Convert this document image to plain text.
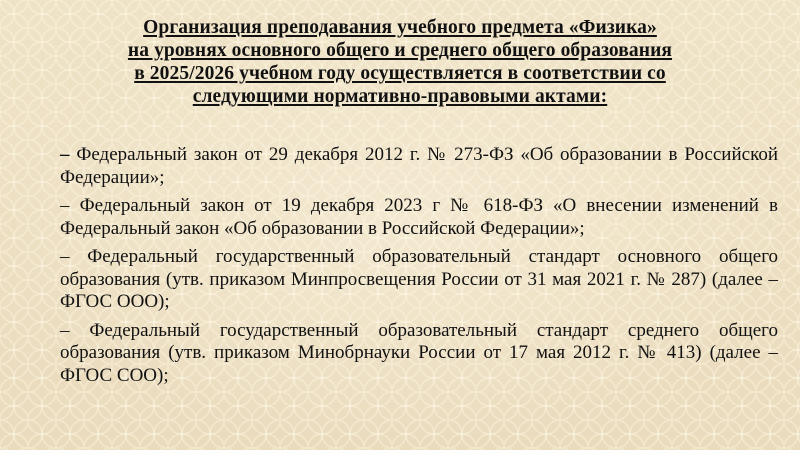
Организация преподавания учебного предмета «Физика»
на уровнях основного общего и среднего общего образования
в 2025/2026 учебном году осуществляется в соответствии со
следующими нормативно-правовыми актами:
– Федеральный закон от 29 декабря 2012 г. № 273-ФЗ «Об образовании в Российской Федерации»;
– Федеральный закон от 19 декабря 2023 г № 618-ФЗ «О внесении изменений в Федеральный закон «Об образовании в Российской Федерации»;
– Федеральный государственный образовательный стандарт основного общего образования (утв. приказом Минпросвещения России от 31 мая 2021 г. № 287) (далее – ФГОС ООО);
– Федеральный государственный образовательный стандарт среднего общего образования (утв. приказом Минобрнауки России от 17 мая 2012 г. № 413) (далее – ФГОС СОО);
